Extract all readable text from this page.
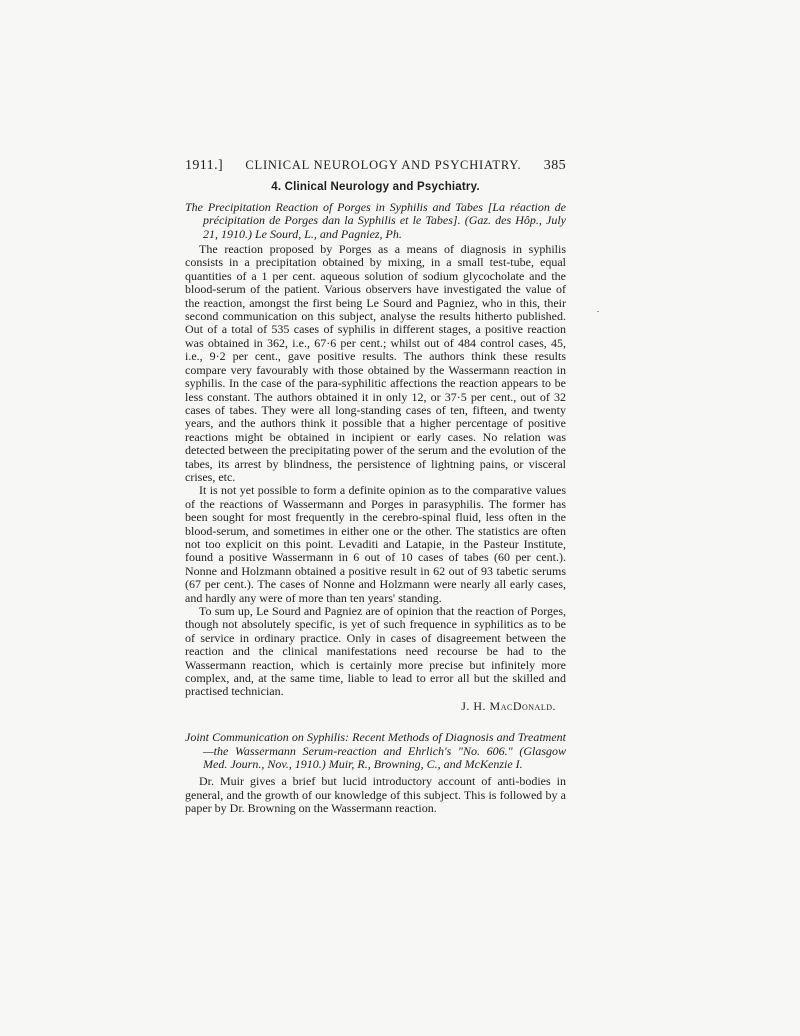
1911.] CLINICAL NEUROLOGY AND PSYCHIATRY. 385
4. Clinical Neurology and Psychiatry.

The Precipitation Reaction of Porges in Syphilis and Tabes [La réaction de précipitation de Porges dan la Syphilis et le Tabes]. (Gaz. des Hôp., July 21, 1910.) Le Sourd, L., and Pagniez, Ph.

The reaction proposed by Porges as a means of diagnosis in syphilis consists in a precipitation obtained by mixing, in a small test-tube, equal quantities of a 1 per cent. aqueous solution of sodium glycocholate and the blood-serum of the patient. Various observers have investigated the value of the reaction, amongst the first being Le Sourd and Pagniez, who in this, their second communication on this subject, analyse the results hitherto published. Out of a total of 535 cases of syphilis in different stages, a positive reaction was obtained in 362, i.e., 67·6 per cent.; whilst out of 484 control cases, 45, i.e., 9·2 per cent., gave positive results. The authors think these results compare very favourably with those obtained by the Wassermann reaction in syphilis. In the case of the para-syphilitic affections the reaction appears to be less constant. The authors obtained it in only 12, or 37·5 per cent., out of 32 cases of tabes. They were all long-standing cases of ten, fifteen, and twenty years, and the authors think it possible that a higher percentage of positive reactions might be obtained in incipient or early cases. No relation was detected between the precipitating power of the serum and the evolution of the tabes, its arrest by blindness, the persistence of lightning pains, or visceral crises, etc.

It is not yet possible to form a definite opinion as to the comparative values of the reactions of Wassermann and Porges in parasyphilis. The former has been sought for most frequently in the cerebro-spinal fluid, less often in the blood-serum, and sometimes in either one or the other. The statistics are often not too explicit on this point. Levaditi and Latapie, in the Pasteur Institute, found a positive Wassermann in 6 out of 10 cases of tabes (60 per cent.). Nonne and Holzmann obtained a positive result in 62 out of 93 tabetic serums (67 per cent.). The cases of Nonne and Holzmann were nearly all early cases, and hardly any were of more than ten years' standing.

To sum up, Le Sourd and Pagniez are of opinion that the reaction of Porges, though not absolutely specific, is yet of such frequence in syphilitics as to be of service in ordinary practice. Only in cases of disagreement between the reaction and the clinical manifestations need recourse be had to the Wassermann reaction, which is certainly more precise but infinitely more complex, and, at the same time, liable to lead to error all but the skilled and practised technician.

J. H. MacDonald.

Joint Communication on Syphilis: Recent Methods of Diagnosis and Treatment—the Wassermann Serum-reaction and Ehrlich's "No. 606." (Glasgow Med. Journ., Nov., 1910.) Muir, R., Browning, C., and McKenzie I.

Dr. Muir gives a brief but lucid introductory account of anti-bodies in general, and the growth of our knowledge of this subject. This is followed by a paper by Dr. Browning on the Wassermann reaction.
